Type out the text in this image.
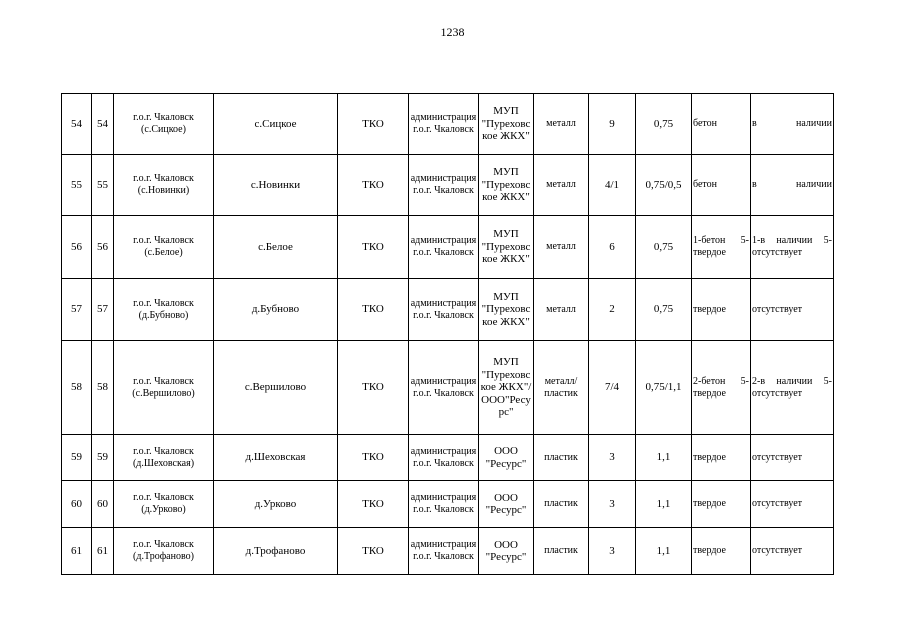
1238
54	54	г.о.г. Чкаловск (с.Сицкое)	с.Сицкое	ТКО	администрация г.о.г. Чкаловск	МУП "Пуреховское ЖКХ"	металл	9	0,75	бетон	в наличии
55	55	г.о.г. Чкаловск (с.Новинки)	с.Новинки	ТКО	администрация г.о.г. Чкаловск	МУП "Пуреховское ЖКХ"	металл	4/1	0,75/0,5	бетон	в наличии
56	56	г.о.г. Чкаловск (с.Белое)	с.Белое	ТКО	администрация г.о.г. Чкаловск	МУП "Пуреховское ЖКХ"	металл	6	0,75	1-бетон 5-твердое	1-в наличии 5-отсутствует
57	57	г.о.г. Чкаловск (д.Бубново)	д.Бубново	ТКО	администрация г.о.г. Чкаловск	МУП "Пуреховское ЖКХ"	металл	2	0,75	твердое	отсутствует
58	58	г.о.г. Чкаловск (с.Вершилово)	с.Вершилово	ТКО	администрация г.о.г. Чкаловск	МУП "Пуреховское ЖКХ"/ ООО"Ресурс"	металл/пластик	7/4	0,75/1,1	2-бетон 5-твердое	2-в наличии 5-отсутствует
59	59	г.о.г. Чкаловск (д.Шеховская)	д.Шеховская	ТКО	администрация г.о.г. Чкаловск	ООО "Ресурс"	пластик	3	1,1	твердое	отсутствует
60	60	г.о.г. Чкаловск (д.Урково)	д.Урково	ТКО	администрация г.о.г. Чкаловск	ООО "Ресурс"	пластик	3	1,1	твердое	отсутствует
61	61	г.о.г. Чкаловск (д.Трофаново)	д.Трофаново	ТКО	администрация г.о.г. Чкаловск	ООО "Ресурс"	пластик	3	1,1	твердое	отсутствует
